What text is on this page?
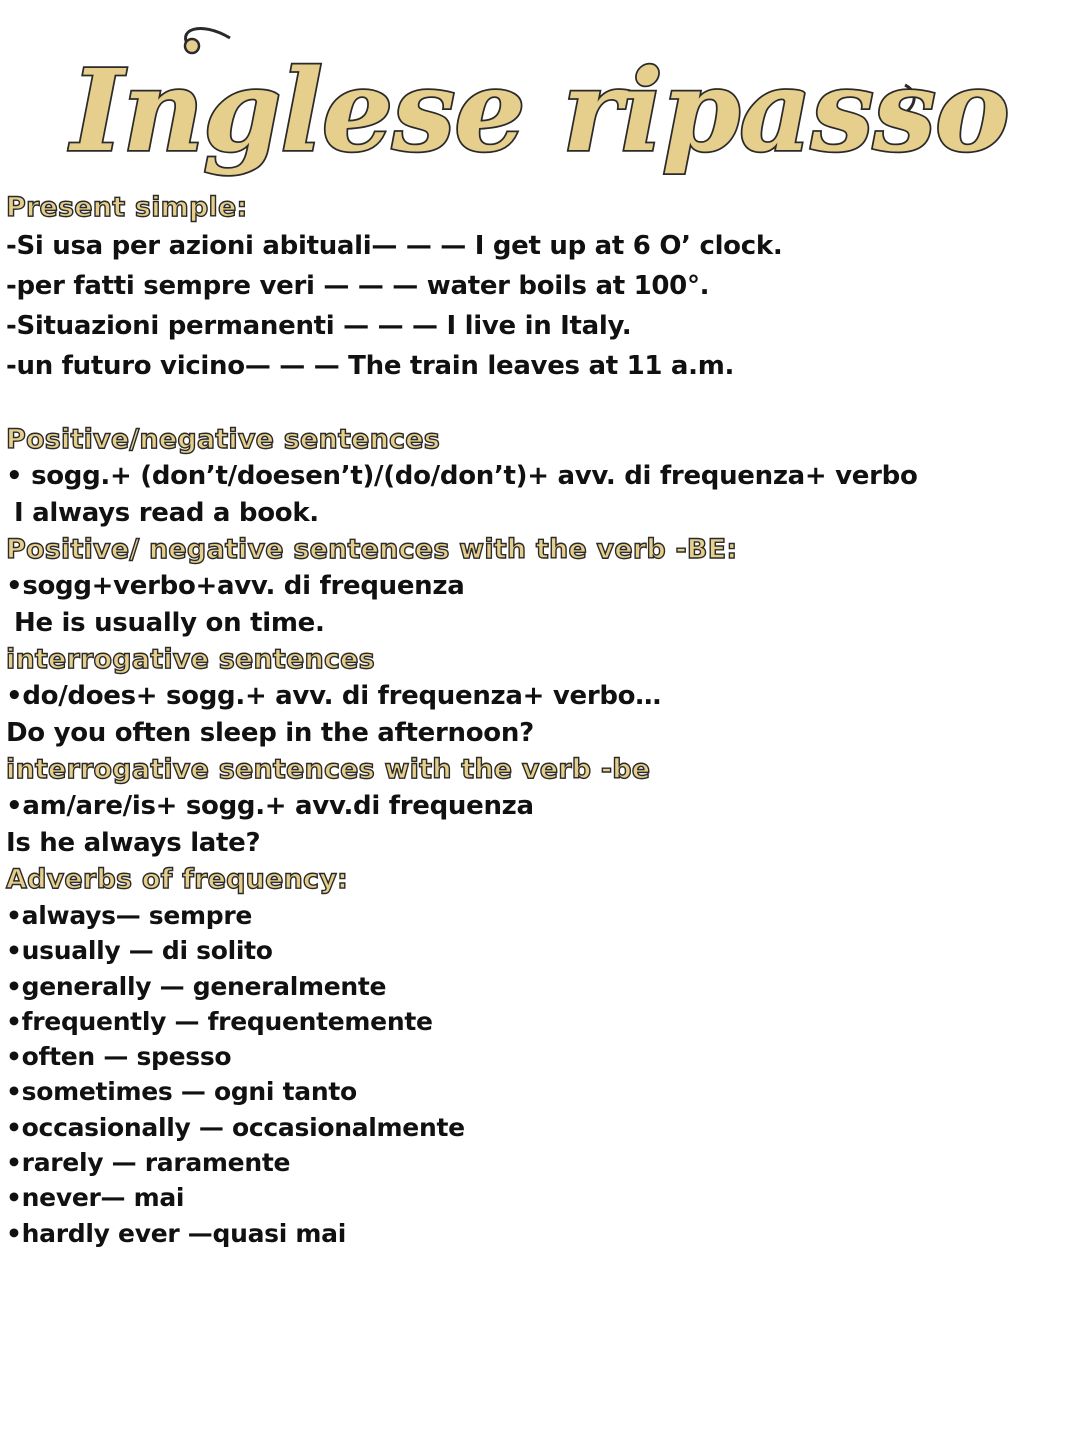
Inglese ripasso
Present simple:
-Si usa per azioni abituali— — — I get up at 6 O’ clock.
-per fatti sempre veri — — — water boils at 100°.
-Situazioni permanenti — — — I live in Italy.
-un futuro vicino— — — The train leaves at 11 a.m.
Positive/negative sentences
• sogg.+ (don’t/doesen’t)/(do/don’t)+ avv. di frequenza+ verbo
I always read a book.
Positive/ negative sentences with the verb -BE:
•sogg+verbo+avv. di frequenza
He is usually on time.
interrogative sentences
•do/does+ sogg.+ avv. di frequenza+ verbo…
Do you often sleep in the afternoon?
interrogative sentences with the verb -be
•am/are/is+ sogg.+ avv.di frequenza
Is he always late?
Adverbs of frequency:
•always— sempre
•usually — di solito
•generally — generalmente
•frequently — frequentemente
•often — spesso
•sometimes — ogni tanto
•occasionally — occasionalmente
•rarely — raramente
•never— mai
•hardly ever —quasi mai
